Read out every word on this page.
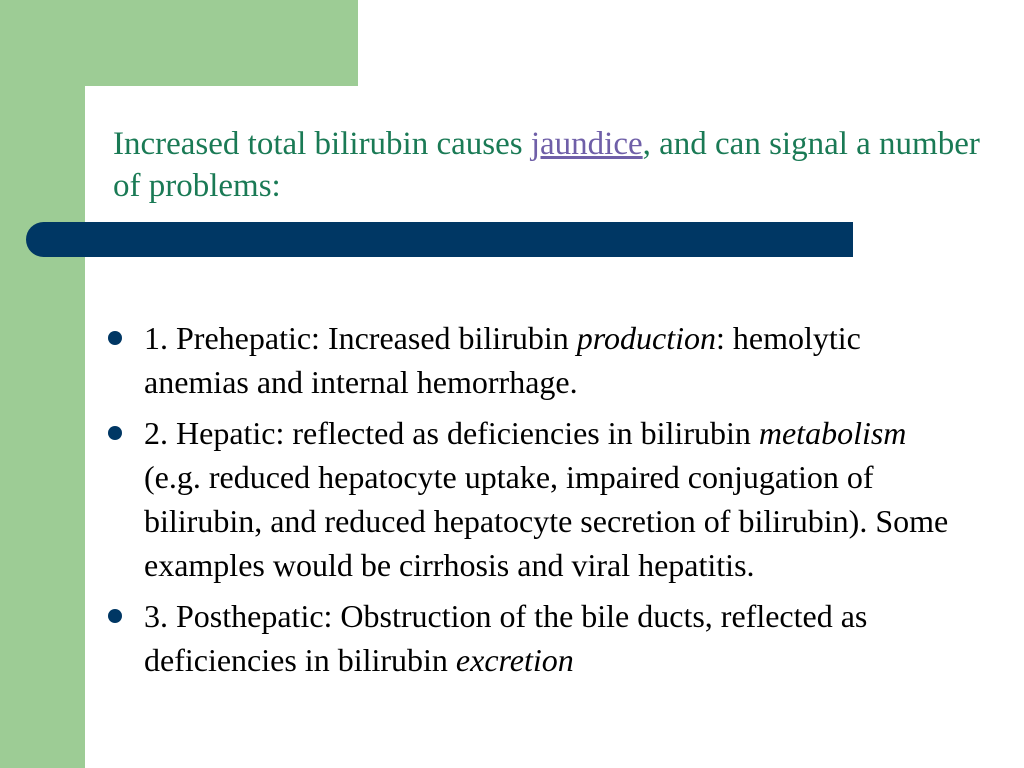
Increased total bilirubin causes jaundice, and can signal a number of problems:
1. Prehepatic: Increased bilirubin production: hemolytic anemias and internal hemorrhage.
2. Hepatic: reflected as deficiencies in bilirubin metabolism (e.g. reduced hepatocyte uptake, impaired conjugation of bilirubin, and reduced hepatocyte secretion of bilirubin). Some examples would be cirrhosis and viral hepatitis.
3. Posthepatic: Obstruction of the bile ducts, reflected as deficiencies in bilirubin excretion
